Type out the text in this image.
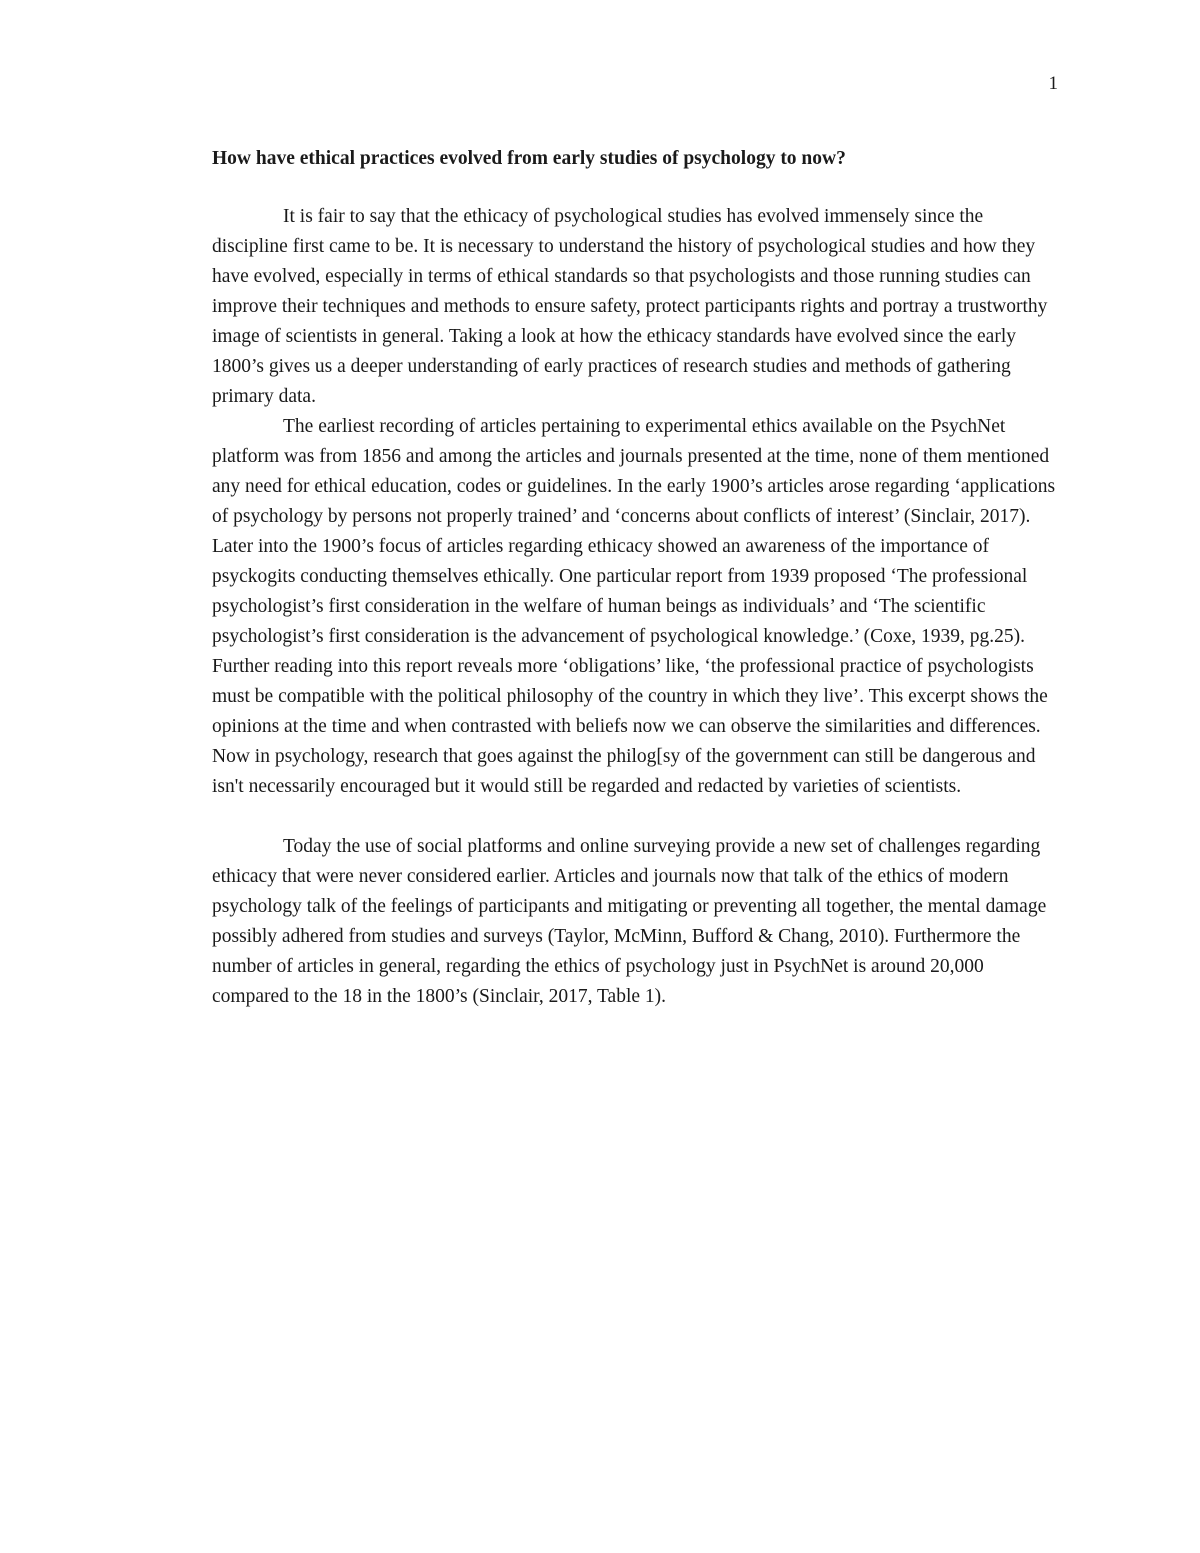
1
How have ethical practices evolved from early studies of psychology to now?

It is fair to say that the ethicacy of psychological studies has evolved immensely since the discipline first came to be. It is necessary to understand the history of psychological studies and how they have evolved, especially in terms of ethical standards so that psychologists and those running studies can improve their techniques and methods to ensure safety, protect participants rights and portray a trustworthy image of scientists in general. Taking a look at how the ethicacy standards have evolved since the early 1800’s gives us a deeper understanding of early practices of research studies and methods of gathering primary data.

The earliest recording of articles pertaining to experimental ethics available on the PsychNet platform was from 1856 and among the articles and journals presented at the time, none of them mentioned any need for ethical education, codes or guidelines. In the early 1900’s articles arose regarding ‘applications of psychology by persons not properly trained’ and ‘concerns about conflicts of interest’ (Sinclair, 2017). Later into the 1900’s focus of articles regarding ethicacy showed an awareness of the importance of psyckogits conducting themselves ethically. One particular report from 1939 proposed ‘The professional psychologist’s first consideration in the welfare of human beings as individuals’ and ‘The scientific psychologist’s first consideration is the advancement of psychological knowledge.’ (Coxe, 1939, pg.25). Further reading into this report reveals more ‘obligations’ like, ‘the professional practice of psychologists must be compatible with the political philosophy of the country in which they live’. This excerpt shows the opinions at the time and when contrasted with beliefs now we can observe the similarities and differences. Now in psychology, research that goes against the philog[sy of the government can still be dangerous and isn't necessarily encouraged but it would still be regarded and redacted by varieties of scientists.

Today the use of social platforms and online surveying provide a new set of challenges regarding ethicacy that were never considered earlier. Articles and journals now that talk of the ethics of modern psychology talk of the feelings of participants and mitigating or preventing all together, the mental damage possibly adhered from studies and surveys (Taylor, McMinn, Bufford & Chang, 2010). Furthermore the number of articles in general, regarding the ethics of psychology just in PsychNet is around 20,000 compared to the 18 in the 1800’s (Sinclair, 2017, Table 1).
